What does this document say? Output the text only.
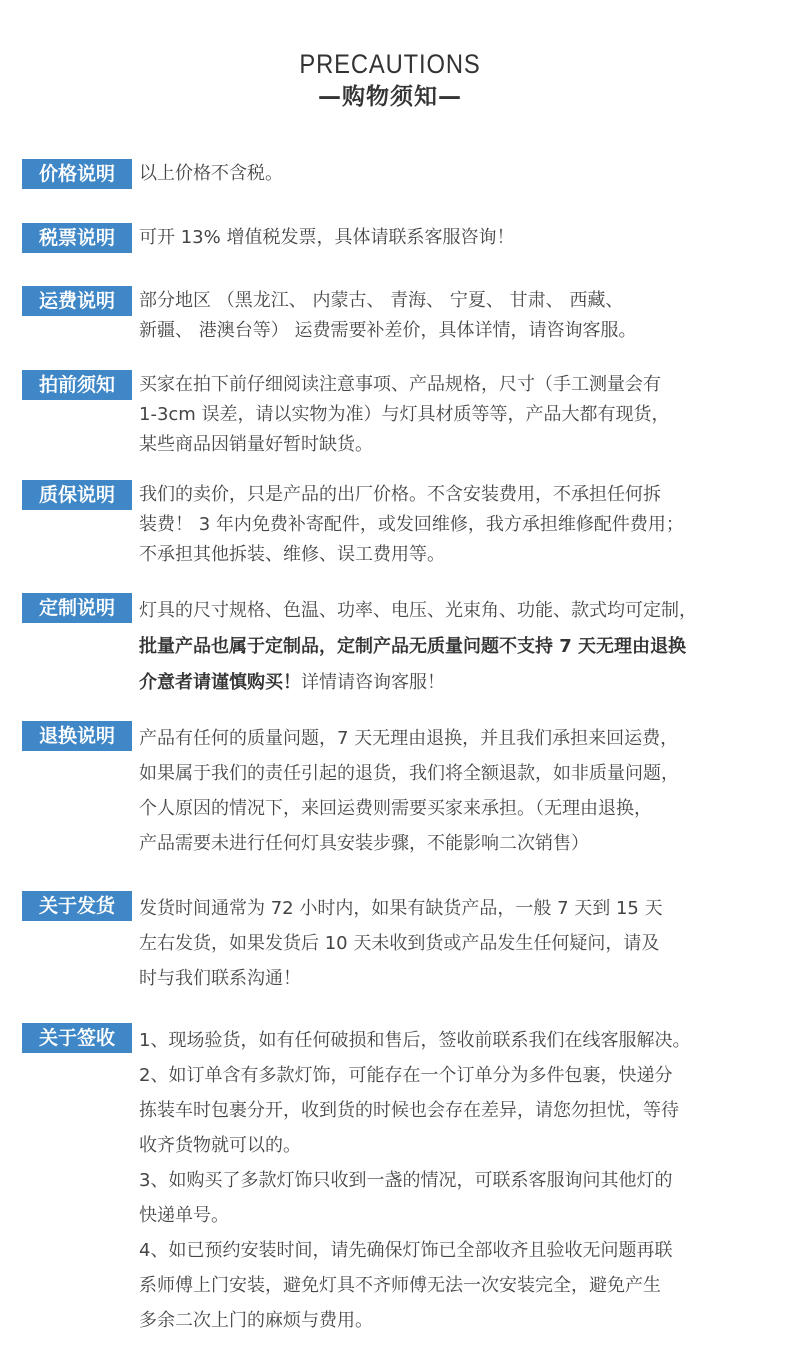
PRECAUTIONS
—购物须知—
价格说明	以上价格不含税。
税票说明	可开 13% 增值税发票，具体请联系客服咨询！
运费说明	部分地区 （黑龙江、 内蒙古、 青海、 宁夏、 甘肃、 西藏、
新疆、 港澳台等） 运费需要补差价，具体详情，请咨询客服。
拍前须知	买家在拍下前仔细阅读注意事项、产品规格，尺寸（手工测量会有
1-3cm 误差，请以实物为准）与灯具材质等等，产品大都有现货，
某些商品因销量好暂时缺货。
质保说明	我们的卖价，只是产品的出厂价格。不含安装费用，不承担任何拆
装费！ 3 年内免费补寄配件，或发回维修，我方承担维修配件费用；
不承担其他拆装、维修、误工费用等。
定制说明	灯具的尺寸规格、色温、功率、电压、光束角、功能、款式均可定制，
批量产品也属于定制品，定制产品无质量问题不支持 7 天无理由退换
介意者请谨慎购买！详情请咨询客服！
退换说明	产品有任何的质量问题，7 天无理由退换，并且我们承担来回运费，
如果属于我们的责任引起的退货，我们将全额退款，如非质量问题，
个人原因的情况下，来回运费则需要买家来承担。（无理由退换，
产品需要未进行任何灯具安装步骤，不能影响二次销售）
关于发货	发货时间通常为 72 小时内，如果有缺货产品，一般 7 天到 15 天
左右发货，如果发货后 10 天未收到货或产品发生任何疑问，请及
时与我们联系沟通！
关于签收	1、现场验货，如有任何破损和售后，签收前联系我们在线客服解决。
2、如订单含有多款灯饰，可能存在一个订单分为多件包裹，快递分
拣装车时包裹分开，收到货的时候也会存在差异，请您勿担忧，等待
收齐货物就可以的。
3、如购买了多款灯饰只收到一盏的情况，可联系客服询问其他灯的
快递单号。
4、如已预约安装时间，请先确保灯饰已全部收齐且验收无问题再联
系师傅上门安装，避免灯具不齐师傅无法一次安装完全，避免产生
多余二次上门的麻烦与费用。
